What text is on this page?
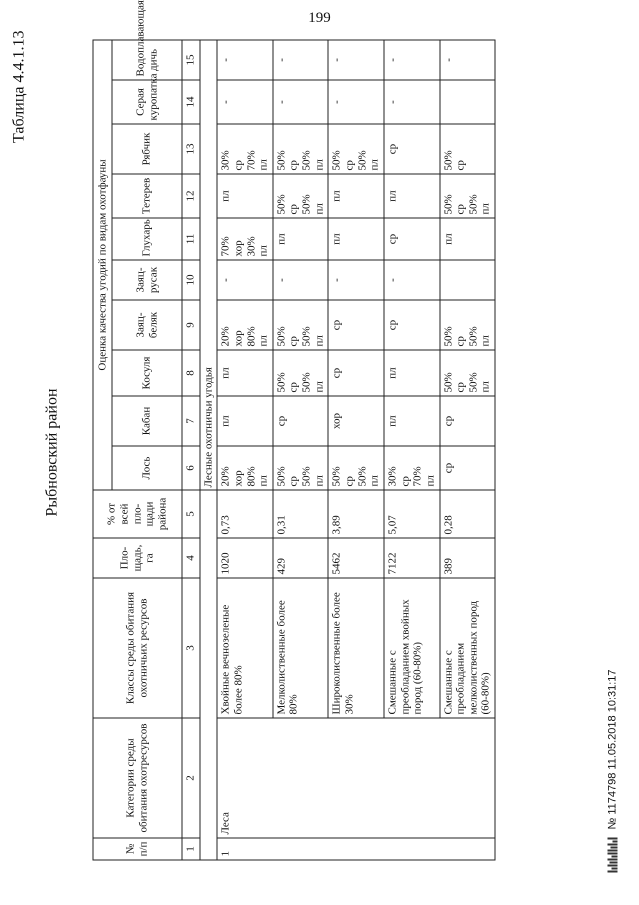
199
Таблица 4.4.1.13
Рыбновский район
№ п/п	Категории среды обитания охотресурсов	Классы среды обитания охотничьих ресурсов	Пло-щадь, га	% от всей пло-щади района	Оценка качества угодий по видам охотфауны									
					Лось	Кабан	Косуля	Заяц-беляк	Заяц-русак	Глухарь	Тетерев	Рябчик	Серая куропатка	Водоплавающая дичь
1	2	3	4	5	6	7	8	9	10	11	12	13	14	15
					Лесные охотничьи угодья									
1	Леса	Хвойные вечнозеленые более 80%	1020	0,73	20% хор 80% пл	пл	пл	20% хор 80% пл	-	70% хор 30% пл	пл	30% ср 70% пл	-	-

		Мелколиственные более 80%	429	0,31	50% ср 50% пл	ср	50% ср 50% пл	50% ср 50% пл	-	пл	50% ср 50% пл	50% ср 50% пл	-	-

		Широколиственные более 30%	5462	3,89	50% ср 50% пл	хор	ср	ср	-	пл	пл	50% ср 50% пл	-	-

		Смешанные с преобладанием хвойных пород (60-80%)	7122	5,07	30% ср 70% пл	пл	пл	ср	-	ср	пл	ср	-	-

		Смешанные с преобладанием мелколиственных пород (60-80%)	389	0,28	ср	ср	50% ср 50% пл	50% ср 50% пл		пл	50% ср 50% пл	50% ср		-
№ 1174798 11.05.2018 10:31:17
